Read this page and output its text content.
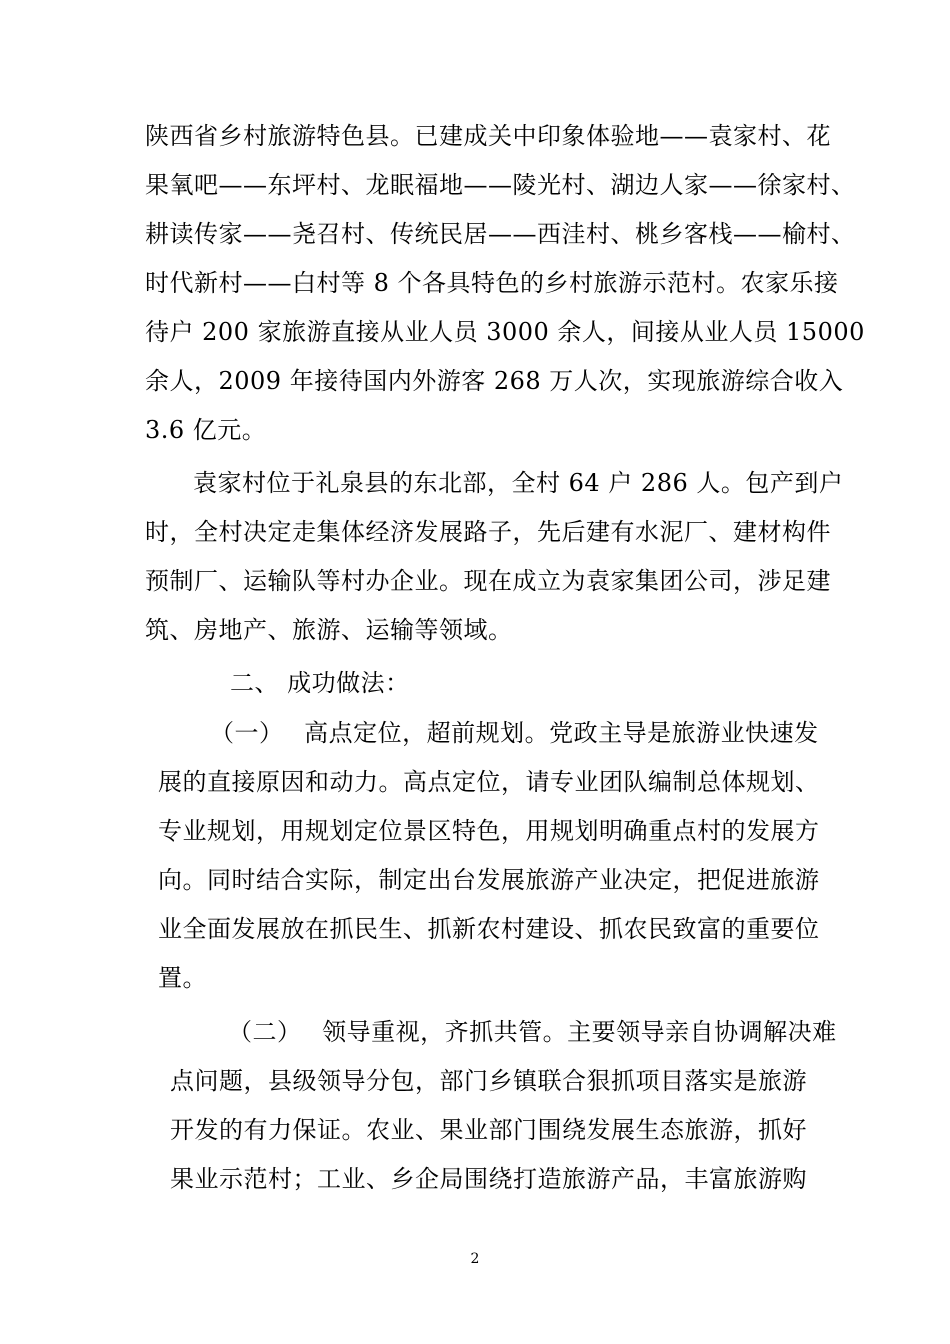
陕西省乡村旅游特色县。已建成关中印象体验地——袁家村、花
果氧吧——东坪村、龙眠福地——陵光村、湖边人家——徐家村、
耕读传家——尧召村、传统民居——西洼村、桃乡客栈——榆村、
时代新村——白村等 8 个各具特色的乡村旅游示范村。农家乐接
待户 200 家旅游直接从业人员 3000 余人，间接从业人员 15000
余人，2009 年接待国内外游客 268 万人次，实现旅游综合收入
3.6 亿元。
袁家村位于礼泉县的东北部，全村 64 户 286 人。包产到户
时，全村决定走集体经济发展路子，先后建有水泥厂、建材构件
预制厂、运输队等村办企业。现在成立为袁家集团公司，涉足建
筑、房地产、旅游、运输等领域。
二、 成功做法：
（一）　 高点定位，超前规划。党政主导是旅游业快速发
展的直接原因和动力。高点定位，请专业团队编制总体规划、
专业规划，用规划定位景区特色，用规划明确重点村的发展方
向。同时结合实际，制定出台发展旅游产业决定，把促进旅游
业全面发展放在抓民生、抓新农村建设、抓农民致富的重要位
置。
（二）　 领导重视，齐抓共管。主要领导亲自协调解决难
点问题，县级领导分包，部门乡镇联合狠抓项目落实是旅游
开发的有力保证。农业、果业部门围绕发展生态旅游，抓好
果业示范村；工业、乡企局围绕打造旅游产品，丰富旅游购
2
